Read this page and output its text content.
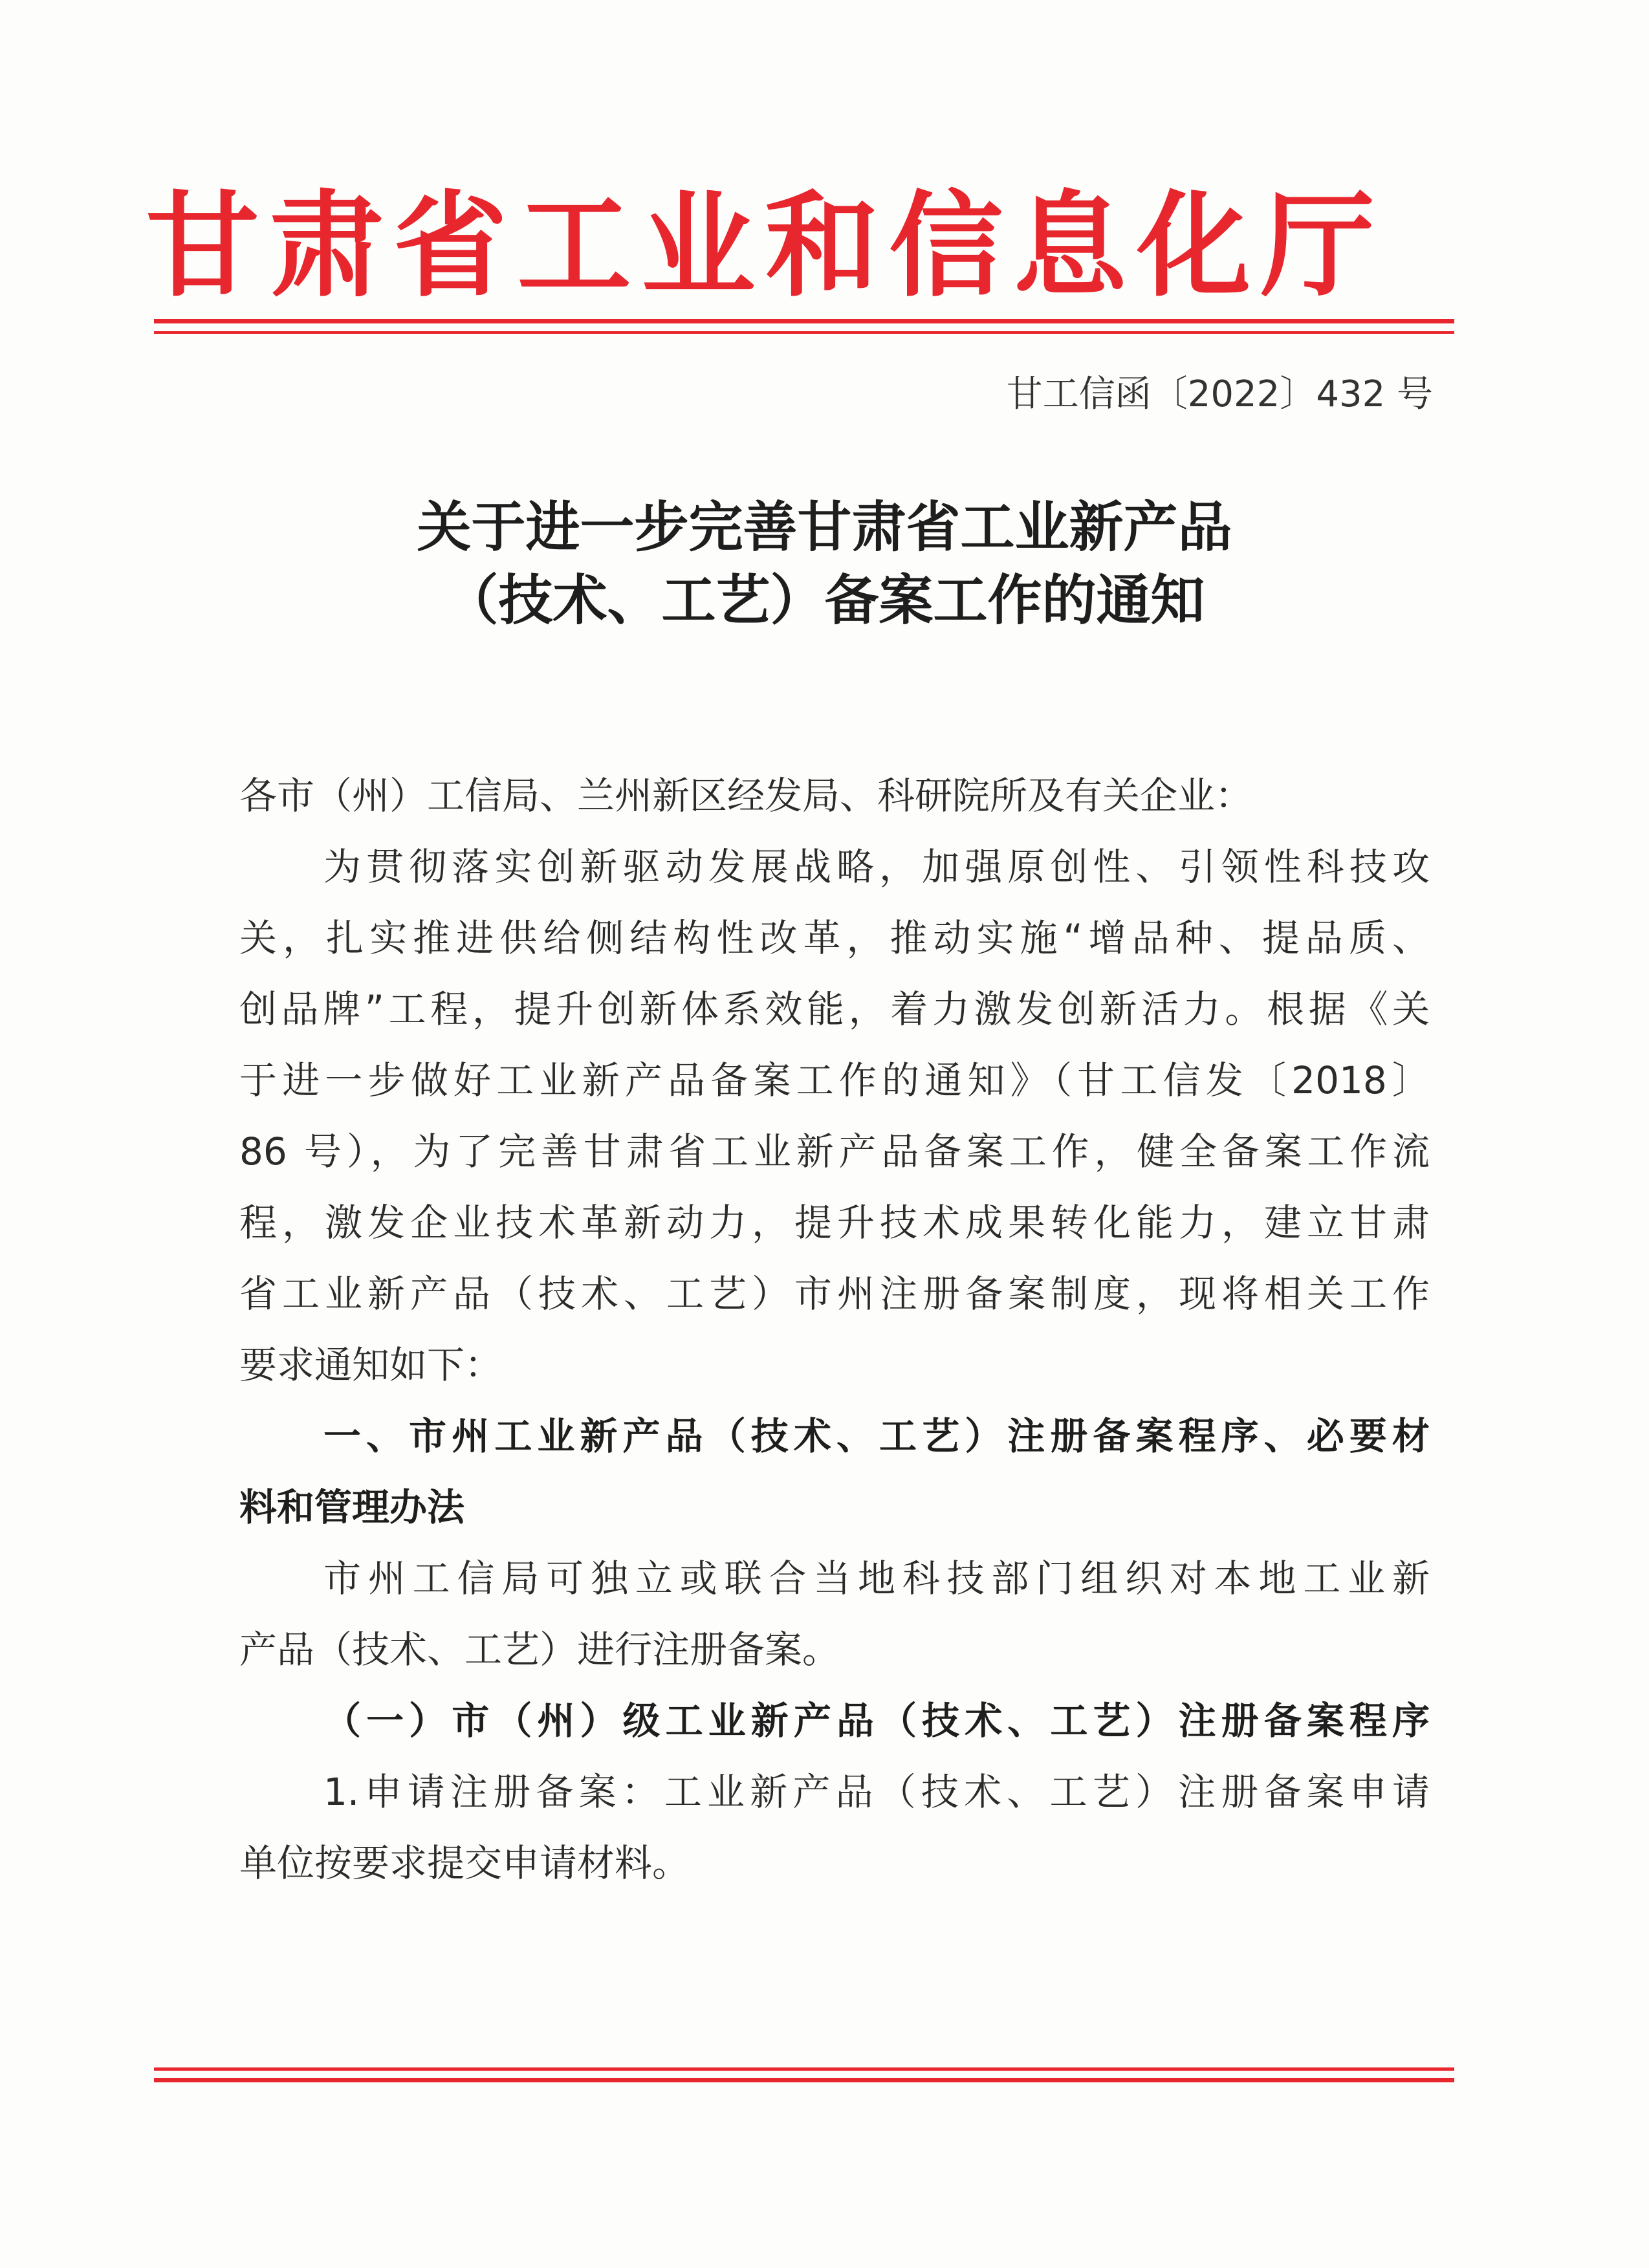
甘 肃 省 工 业 和 信 息 化 厅
甘工信函〔2022〕432 号
关于进一步完善甘肃省工业新产品
（技术、工艺）备案工作的通知
各市（州）工信局、兰州新区经发局、科研院所及有关企业：
为贯彻落实创新驱动发展战略，加强原创性、引领性科技攻
关，扎实推进供给侧结构性改革，推动实施“增品种、提品质、
创品牌”工程，提升创新体系效能，着力激发创新活力。根据《关
于进一步做好工业新产品备案工作的通知》（甘工信发〔2018〕
86 号），为了完善甘肃省工业新产品备案工作，健全备案工作流
程，激发企业技术革新动力，提升技术成果转化能力，建立甘肃
省工业新产品（技术、工艺）市州注册备案制度，现将相关工作
要求通知如下：
一、市州工业新产品（技术、工艺）注册备案程序、必要材
料和管理办法
市州工信局可独立或联合当地科技部门组织对本地工业新
产品（技术、工艺）进行注册备案。
（一）市（州）级工业新产品（技术、工艺）注册备案程序
1.申请注册备案：工业新产品（技术、工艺）注册备案申请
单位按要求提交申请材料。
